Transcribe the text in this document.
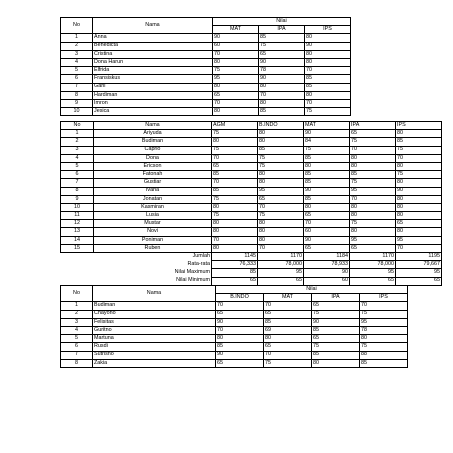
No	Nama	Nilai		
		MAT	IPA	IPS
1	Anna	90	85	80
2	Benedicta	60	75	90
3	Cristina	70	65	80
4	Dona Harun	80	90	80
5	Elfrida	75	78	70
6	Fransiskus	95	90	85
7	Gani	80	80	85
8	Hardiman	65	70	80
9	Imron	70	80	70
10	Jesica	80	85	75
No	Nama	AGM	B.INDO	MAT	IPA	IPS
1	Ariyuda	75	80	90	65	80
2	Budiman	80	80	84	75	85
3	Caprio	75	85	75	70	75
4	Dona	70	75	85	80	70
5	Ericson	65	75	80	80	80
6	Fatonah	85	80	85	85	75
7	Gustiar	70	80	85	75	80
8	Ivana	85	95	90	95	90
9	Jonatan	75	65	85	70	80
10	Kasmiran	80	70	80	80	80
11	Lusia	75	75	65	80	80
12	Mustar	80	80	70	75	65
13	Novi	80	80	60	80	80
14	Poniman	70	80	90	95	95
15	Ruben	80	70	65	65	70
Jumlah		1145	1170	1184	1170	1195
Rata-rata		76,333	78,000	78,933	78,000	79,667
Nilai Maximum		85	95	90	95	95
Nilai Minimum		65	65	60	65	65
No	Nama	Nilai			
		B.INDO	MAT	IPA	IPS
1	Budiman	70	70	65	70
2	Chayono	65	65	75	75
3	Felisitas	90	85	90	95
4	Guritno	70	69	85	78
5	Martuna	80	80	65	80
6	Rusdi	85	65	75	75
7	Sutrisno	90	70	85	88
8	Zakia	65	75	80	85
